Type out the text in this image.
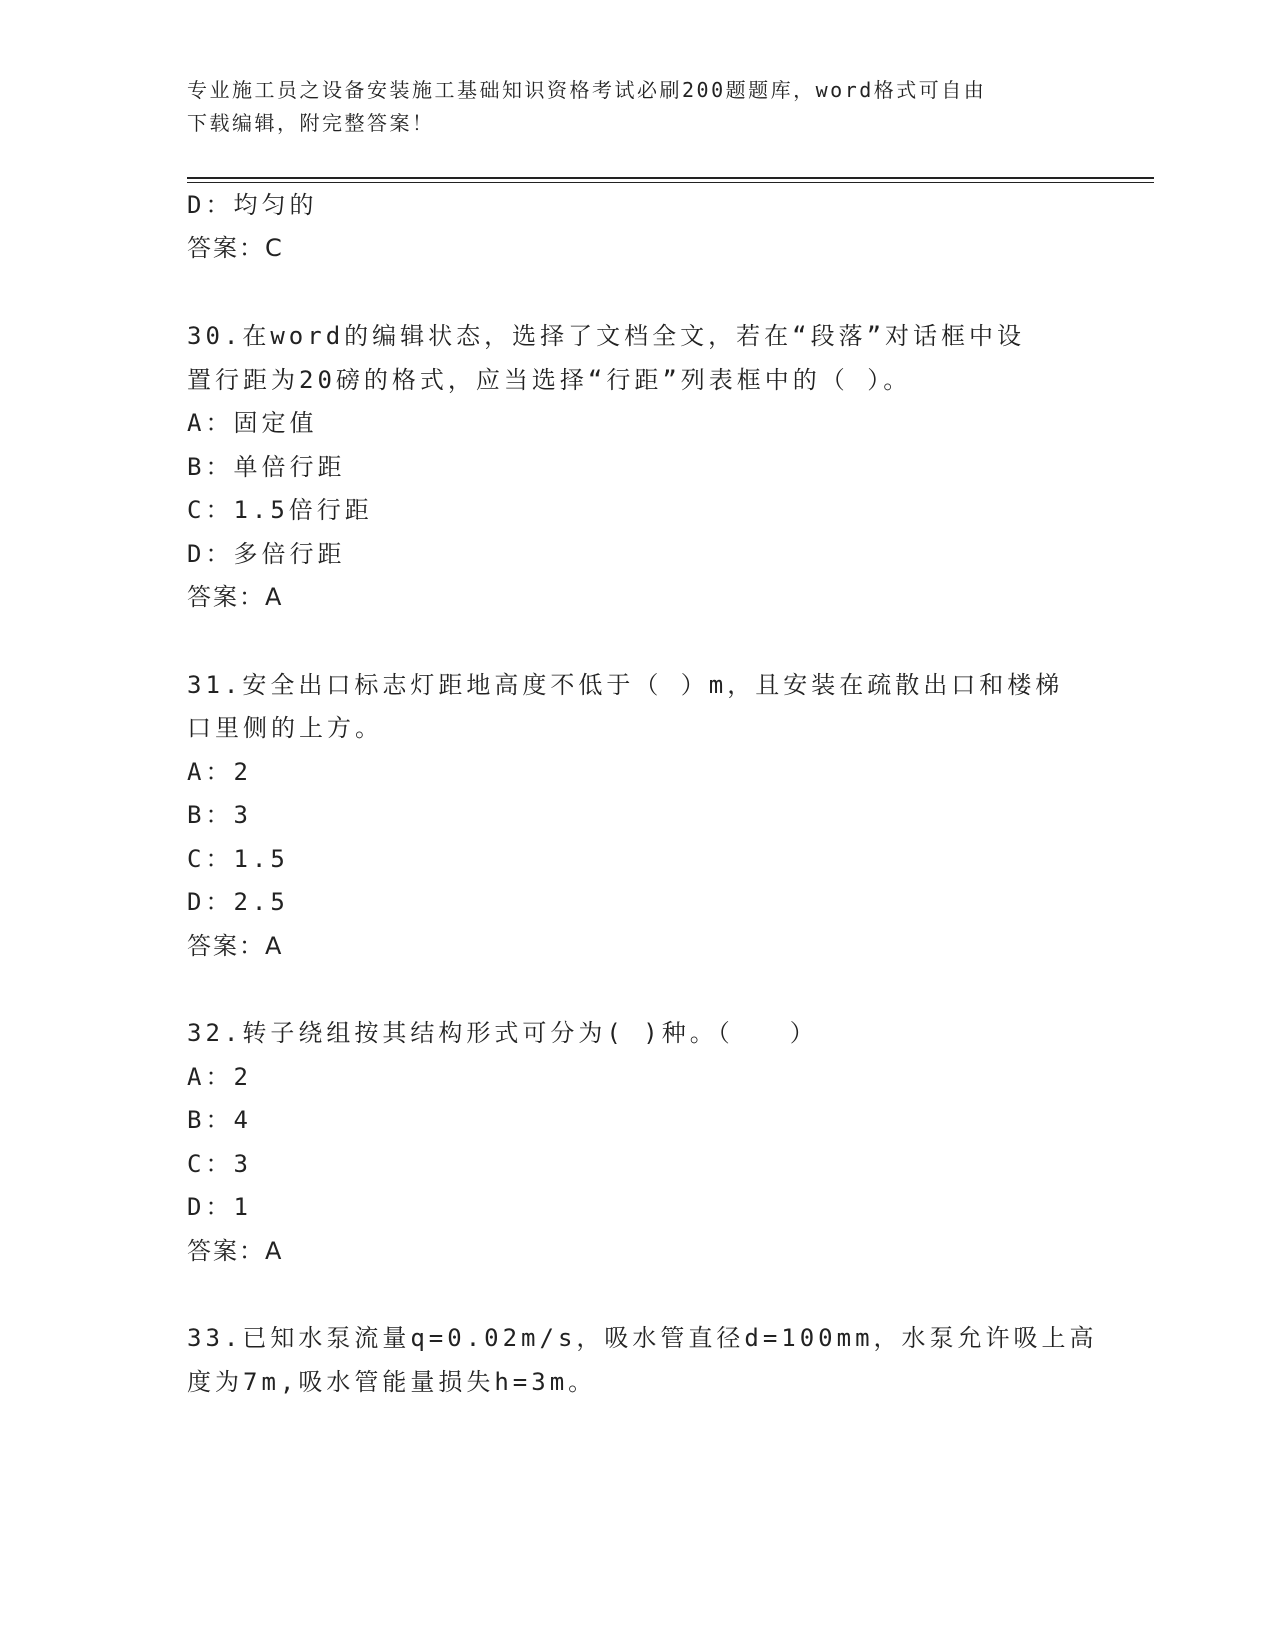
专业施工员之设备安装施工基础知识资格考试必刷200题题库，word格式可自由
下载编辑，附完整答案！
D：均匀的
答案：C
30.在word的编辑状态，选择了文档全文，若在“段落”对话框中设
置行距为20磅的格式，应当选择“行距”列表框中的（ ）。
A：固定值
B：单倍行距
C：1.5倍行距
D：多倍行距
答案：A
31.安全出口标志灯距地高度不低于（ ）m，且安装在疏散出口和楼梯
口里侧的上方。
A：2
B：3
C：1.5
D：2.5
答案：A
32.转子绕组按其结构形式可分为( )种。（　　）
A：2
B：4
C：3
D：1
答案：A
33.已知水泵流量q=0.02m/s，吸水管直径d=100mm，水泵允许吸上高
度为7m,吸水管能量损失h=3m。
